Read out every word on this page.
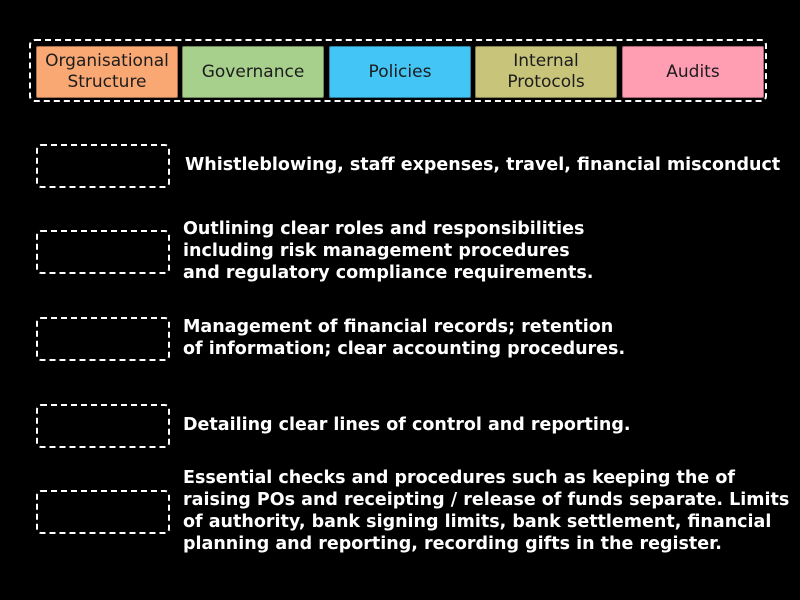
Organisational
Structure
Governance	Policies
Internal
Protocols
Audits
Whistleblowing, staff expenses, travel, financial misconduct
Outlining clear roles and responsibilities
including risk management procedures
and regulatory compliance requirements.
Management of financial records; retention
of information; clear accounting procedures.
Detailing clear lines of control and reporting.
Essential checks and procedures such as keeping the of
raising POs and receipting / release of funds separate. Limits
of authority, bank signing limits, bank settlement, financial
planning and reporting, recording gifts in the register.
